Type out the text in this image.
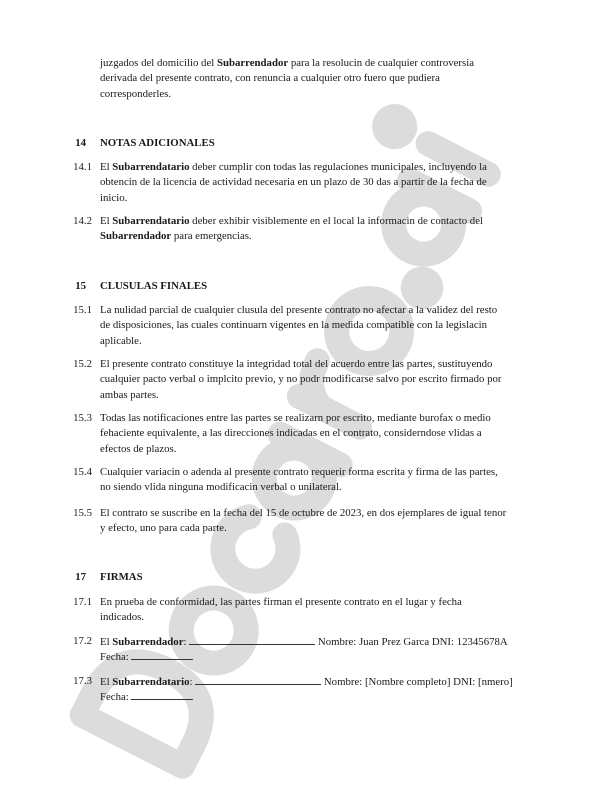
juzgados del domicilio del Subarrendador para la resolucin de cualquier controversia
derivada del presente contrato, con renuncia a cualquier otro fuero que pudiera
corresponderles.
14 NOTAS ADICIONALES
14.1 El Subarrendatario deber cumplir con todas las regulaciones municipales, incluyendo la
obtencin de la licencia de actividad necesaria en un plazo de 30 das a partir de la fecha de
inicio.
14.2 El Subarrendatario deber exhibir visiblemente en el local la informacin de contacto del
Subarrendador para emergencias.
15 CLUSULAS FINALES
15.1 La nulidad parcial de cualquier clusula del presente contrato no afectar a la validez del resto
de disposiciones, las cuales continuarn vigentes en la medida compatible con la legislacin
aplicable.
15.2 El presente contrato constituye la integridad total del acuerdo entre las partes, sustituyendo
cualquier pacto verbal o implcito previo, y no podr modificarse salvo por escrito firmado por
ambas partes.
15.3 Todas las notificaciones entre las partes se realizarn por escrito, mediante burofax o medio
fehaciente equivalente, a las direcciones indicadas en el contrato, considerndose vlidas a
efectos de plazos.
15.4 Cualquier variacin o adenda al presente contrato requerir forma escrita y firma de las partes,
no siendo vlida ninguna modificacin verbal o unilateral.
15.5 El contrato se suscribe en la fecha del 15 de octubre de 2023, en dos ejemplares de igual tenor
y efecto, uno para cada parte.
17 FIRMAS
17.1 En prueba de conformidad, las partes firman el presente contrato en el lugar y fecha
indicados.
17.2 El Subarrendador:	Nombre: Juan Prez Garca DNI: 12345678A
Fecha:
17.3 El Subarrendatario:	Nombre: [Nombre completo] DNI: [nmero]
Fecha:
